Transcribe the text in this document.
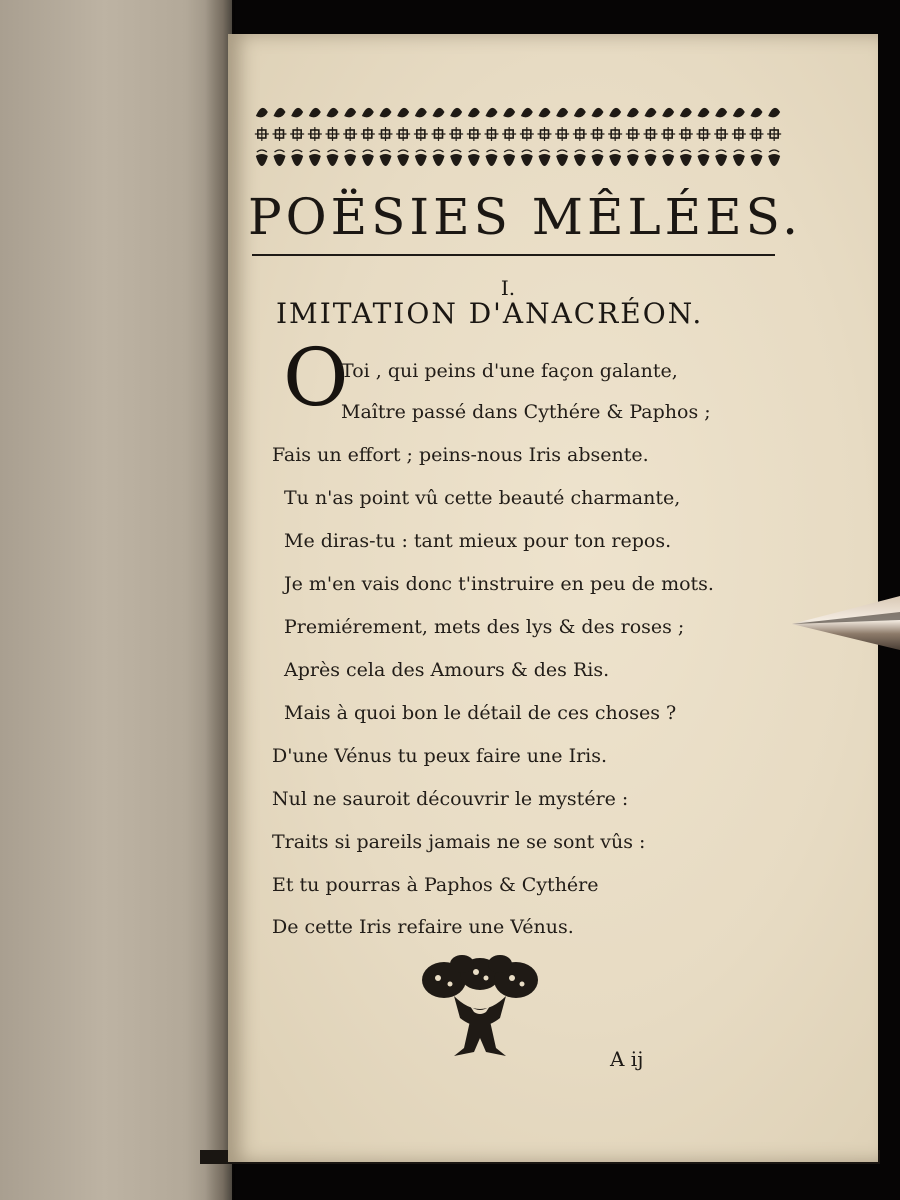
POËSIES MÊLÉES.
I.
IMITATION D'ANACRÉON.
O
Toi , qui peins d'une façon galante,
Maître passé dans Cythére & Paphos ;
Fais un effort ; peins-nous Iris absente.
Tu n'as point vû cette beauté charmante,
Me diras-tu : tant mieux pour ton repos.
Je m'en vais donc t'instruire en peu de mots.
Premiérement, mets des lys & des roses ;
Après cela des Amours & des Ris.
Mais à quoi bon le détail de ces choses ?
D'une Vénus tu peux faire une Iris.
Nul ne sauroit découvrir le mystére :
Traits si pareils jamais ne se sont vûs :
Et tu pourras à Paphos & Cythére
De cette Iris refaire une Vénus.
A ij
